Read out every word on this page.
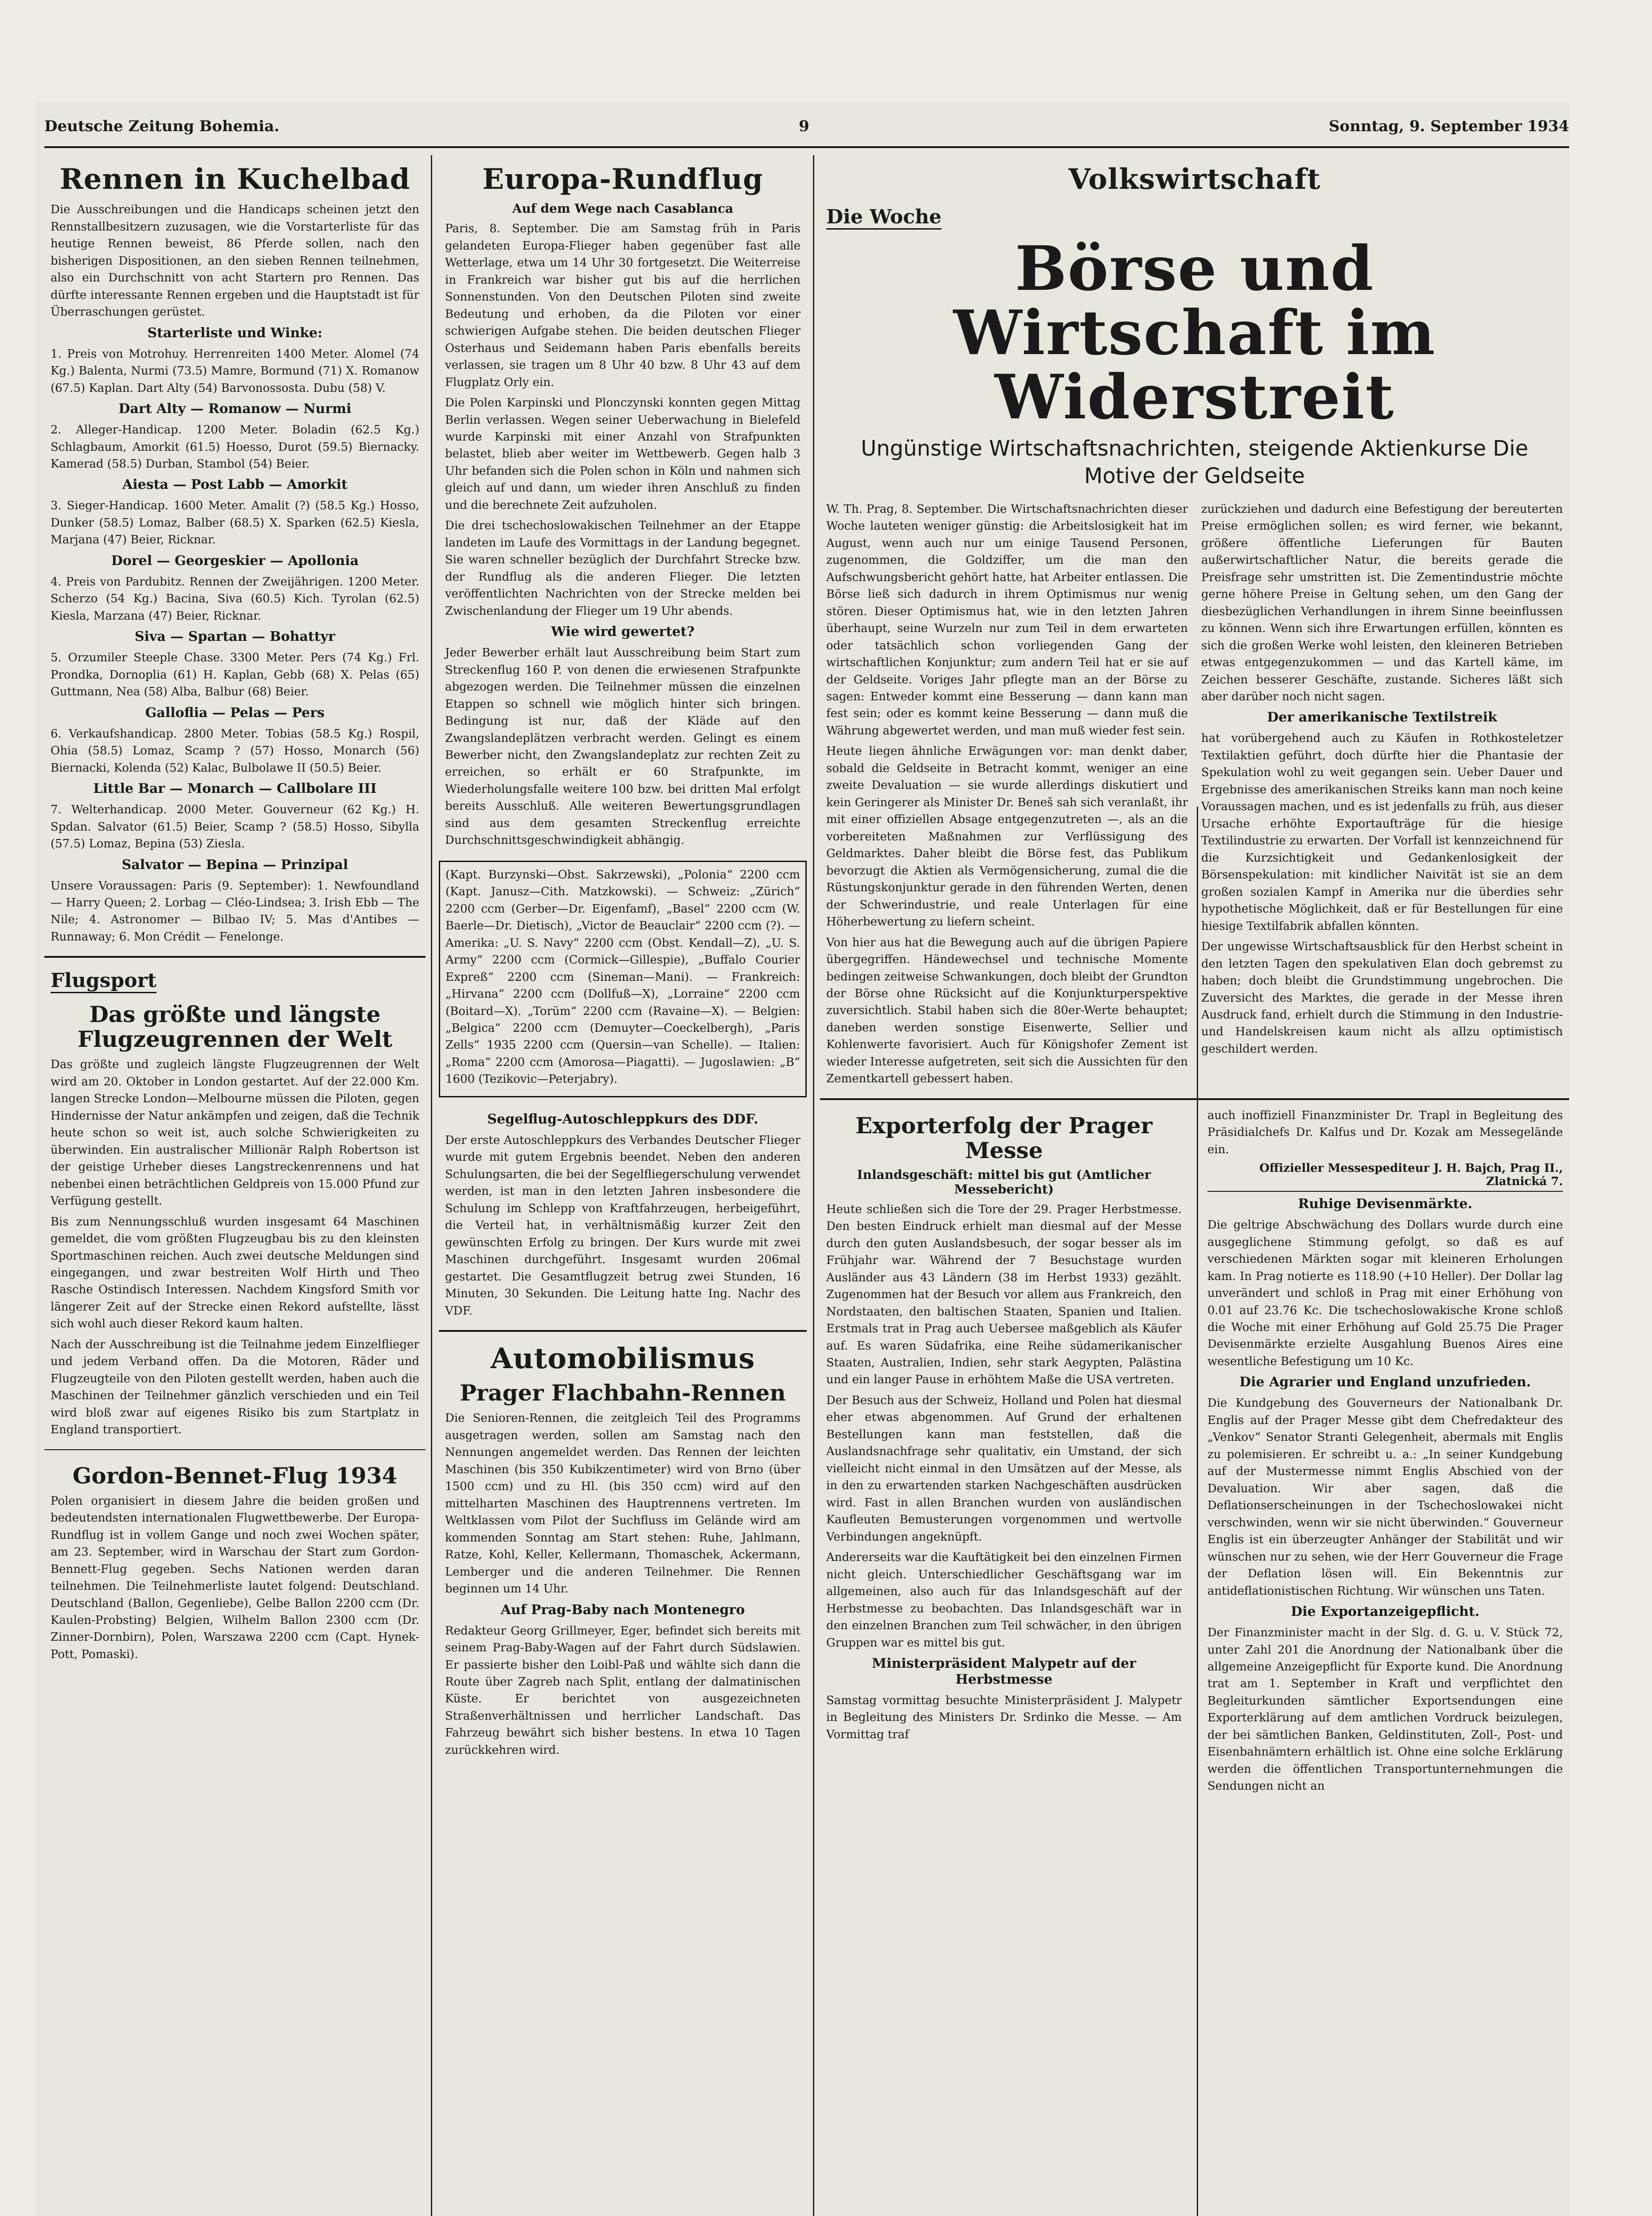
Deutsche Zeitung Bohemia.	9	Sonntag, 9. September 1934
Rennen in Kuchelbad

Die Ausschreibungen und die Handicaps scheinen jetzt den Rennstallbesitzern zuzusagen, wie die Vorstarterliste für das heutige Rennen beweist, 86 Pferde sollen, nach den bisherigen Dispositionen, an den sieben Rennen teilnehmen, also ein Durchschnitt von acht Startern pro Rennen. Das dürfte interessante Rennen ergeben und die Hauptstadt ist für Überraschungen gerüstet.

Starterliste und Winke:

1. Preis von Motrohuy. Herrenreiten 1400 Meter. Alomel (74 Kg.) Balenta, Nurmi (73.5) Mamre, Bormund (71) X. Romanow (67.5) Kaplan. Dart Alty (54) Barvonossosta. Dubu (58) V.

Dart Alty — Romanow — Nurmi

2. Alleger-Handicap. 1200 Meter. Boladin (62.5 Kg.) Schlagbaum, Amorkit (61.5) Hoesso, Durot (59.5) Biernacky. Kamerad (58.5) Durban, Stambol (54) Beier.

Aiesta — Post Labb — Amorkit

3. Sieger-Handicap. 1600 Meter. Amalit (?) (58.5 Kg.) Hosso, Dunker (58.5) Lomaz, Balber (68.5) X. Sparken (62.5) Kiesla, Marjana (47) Beier, Ricknar.

Dorel — Georgeskier — Apollonia

4. Preis von Pardubitz. Rennen der Zweijährigen. 1200 Meter. Scherzo (54 Kg.) Bacina, Siva (60.5) Kich. Tyrolan (62.5) Kiesla, Marzana (47) Beier, Ricknar.

Siva — Spartan — Bohattyr

5. Orzumiler Steeple Chase. 3300 Meter. Pers (74 Kg.) Frl. Prondka, Dornoplia (61) H. Kaplan, Gebb (68) X. Pelas (65) Guttmann, Nea (58) Alba, Balbur (68) Beier.

Galloflia — Pelas — Pers

6. Verkaufshandicap. 2800 Meter. Tobias (58.5 Kg.) Rospil, Ohia (58.5) Lomaz, Scamp ? (57) Hosso, Monarch (56) Biernacki, Kolenda (52) Kalac, Bulbolawe II (50.5) Beier.

Little Bar — Monarch — Callbolare III

7. Welterhandicap. 2000 Meter. Gouverneur (62 Kg.) H. Spdan. Salvator (61.5) Beier, Scamp ? (58.5) Hosso, Sibylla (57.5) Lomaz, Bepina (53) Ziesla.

Salvator — Bepina — Prinzipal

Unsere Voraussagen: Paris (9. September): 1. Newfoundland — Harry Queen; 2. Lorbag — Cléo-Lindsea; 3. Irish Ebb — The Nile; 4. Astronomer — Bilbao IV; 5. Mas d'Antibes — Runnaway; 6. Mon Crédit — Fenelonge.

Flugsport
Das größte und längste Flugzeugrennen der Welt

Das größte und zugleich längste Flugzeugrennen der Welt wird am 20. Oktober in London gestartet. Auf der 22.000 Km. langen Strecke London—Melbourne müssen die Piloten, gegen Hindernisse der Natur ankämpfen und zeigen, daß die Technik heute schon so weit ist, auch solche Schwierigkeiten zu überwinden. Ein australischer Millionär Ralph Robertson ist der geistige Urheber dieses Langstreckenrennens und hat nebenbei einen beträchtlichen Geldpreis von 15.000 Pfund zur Verfügung gestellt.

Bis zum Nennungsschluß wurden insgesamt 64 Maschinen gemeldet, die vom größten Flugzeugbau bis zu den kleinsten Sportmaschinen reichen. Auch zwei deutsche Meldungen sind eingegangen, und zwar bestreiten Wolf Hirth und Theo Rasche Ostindisch Interessen. Nachdem Kingsford Smith vor längerer Zeit auf der Strecke einen Rekord aufstellte, lässt sich wohl auch dieser Rekord kaum halten.

Nach der Ausschreibung ist die Teilnahme jedem Einzelflieger und jedem Verband offen. Da die Motoren, Räder und Flugzeugteile von den Piloten gestellt werden, haben auch die Maschinen der Teilnehmer gänzlich verschieden und ein Teil wird bloß zwar auf eigenes Risiko bis zum Startplatz in England transportiert.

Gordon-Bennet-Flug 1934

Polen organisiert in diesem Jahre die beiden großen und bedeutendsten internationalen Flugwettbewerbe. Der Europa-Rundflug ist in vollem Gange und noch zwei Wochen später, am 23. September, wird in Warschau der Start zum Gordon-Bennett-Flug gegeben. Sechs Nationen werden daran teilnehmen. Die Teilnehmerliste lautet folgend: Deutschland. Deutschland (Ballon, Gegenliebe), Gelbe Ballon 2200 ccm (Dr. Kaulen-Probsting) Belgien, Wilhelm Ballon 2300 ccm (Dr. Zinner-Dornbirn), Polen, Warszawa 2200 ccm (Capt. Hynek-Pott, Pomaski).

Europa-Rundflug
Auf dem Wege nach Casablanca

Paris, 8. September. Die am Samstag früh in Paris gelandeten Europa-Flieger haben gegenüber fast alle Wetterlage, etwa um 14 Uhr 30 fortgesetzt. Die Weiterreise in Frankreich war bisher gut bis auf die herrlichen Sonnenstunden. Von den Deutschen Piloten sind zweite Bedeutung und erhoben, da die Piloten vor einer schwierigen Aufgabe stehen. Die beiden deutschen Flieger Osterhaus und Seidemann haben Paris ebenfalls bereits verlassen, sie tragen um 8 Uhr 40 bzw. 8 Uhr 43 auf dem Flugplatz Orly ein.

Die Polen Karpinski und Plonczynski konnten gegen Mittag Berlin verlassen. Wegen seiner Ueberwachung in Bielefeld wurde Karpinski mit einer Anzahl von Strafpunkten belastet, blieb aber weiter im Wettbewerb. Gegen halb 3 Uhr befanden sich die Polen schon in Köln und nahmen sich gleich auf und dann, um wieder ihren Anschluß zu finden und die berechnete Zeit aufzuholen.

Die drei tschechoslowakischen Teilnehmer an der Etappe landeten im Laufe des Vormittags in der Landung begegnet. Sie waren schneller bezüglich der Durchfahrt Strecke bzw. der Rundflug als die anderen Flieger. Die letzten veröffentlichten Nachrichten von der Strecke melden bei Zwischenlandung der Flieger um 19 Uhr abends.

Wie wird gewertet?

Jeder Bewerber erhält laut Ausschreibung beim Start zum Streckenflug 160 P. von denen die erwiesenen Strafpunkte abgezogen werden. Die Teilnehmer müssen die einzelnen Etappen so schnell wie möglich hinter sich bringen. Bedingung ist nur, daß der Kläde auf den Zwangslandeplätzen verbracht werden. Gelingt es einem Bewerber nicht, den Zwangslandeplatz zur rechten Zeit zu erreichen, so erhält er 60 Strafpunkte, im Wiederholungsfalle weitere 100 bzw. bei dritten Mal erfolgt bereits Ausschluß. Alle weiteren Bewertungsgrundlagen sind aus dem gesamten Streckenflug erreichte Durchschnittsgeschwindigkeit abhängig.

(Kapt. Burzynski—Obst. Sakrzewski), „Polonia“ 2200 ccm (Kapt. Janusz—Cith. Matzkowski). — Schweiz: „Zürich“ 2200 ccm (Gerber—Dr. Eigenfamf), „Basel“ 2200 ccm (W. Baerle—Dr. Dietisch), „Victor de Beauclair“ 2200 ccm (?). — Amerika: „U. S. Navy“ 2200 ccm (Obst. Kendall—Z), „U. S. Army“ 2200 ccm (Cormick—Gillespie), „Buffalo Courier Expreß“ 2200 ccm (Sineman—Mani). — Frankreich: „Hirvana“ 2200 ccm (Dollfuß—X), „Lorraine“ 2200 ccm (Boitard—X). „Torüm“ 2200 ccm (Ravaine—X). — Belgien: „Belgica“ 2200 ccm (Demuyter—Coeckelbergh), „Paris Zells“ 1935 2200 ccm (Quersin—van Schelle). — Italien: „Roma“ 2200 ccm (Amorosa—Piagatti). — Jugoslawien: „B“ 1600 (Tezikovic—Peterjabry).

Segelflug-Autoschleppkurs des DDF.

Der erste Autoschleppkurs des Verbandes Deutscher Flieger wurde mit gutem Ergebnis beendet. Neben den anderen Schulungsarten, die bei der Segelfliegerschulung verwendet werden, ist man in den letzten Jahren insbesondere die Schulung im Schlepp von Kraftfahrzeugen, herbeigeführt, die Verteil hat, in verhältnismäßig kurzer Zeit den gewünschten Erfolg zu bringen. Der Kurs wurde mit zwei Maschinen durchgeführt. Insgesamt wurden 206mal gestartet. Die Gesamtflugzeit betrug zwei Stunden, 16 Minuten, 30 Sekunden. Die Leitung hatte Ing. Nachr des VDF.

Automobilismus
Prager Flachbahn-Rennen

Die Senioren-Rennen, die zeitgleich Teil des Programms ausgetragen werden, sollen am Samstag nach den Nennungen angemeldet werden. Das Rennen der leichten Maschinen (bis 350 Kubikzentimeter) wird von Brno (über 1500 ccm) und zu Hl. (bis 350 ccm) wird auf den mittelharten Maschinen des Hauptrennens vertreten. Im Weltklassen vom Pilot der Suchfluss im Gelände wird am kommenden Sonntag am Start stehen: Ruhe, Jahlmann, Ratze, Kohl, Keller, Kellermann, Thomaschek, Ackermann, Lemberger und die anderen Teilnehmer. Die Rennen beginnen um 14 Uhr.

Auf Prag-Baby nach Montenegro

Redakteur Georg Grillmeyer, Eger, befindet sich bereits mit seinem Prag-Baby-Wagen auf der Fahrt durch Südslawien. Er passierte bisher den Loibl-Paß und wählte sich dann die Route über Zagreb nach Split, entlang der dalmatinischen Küste. Er berichtet von ausgezeichneten Straßenverhältnissen und herrlicher Landschaft. Das Fahrzeug bewährt sich bisher bestens. In etwa 10 Tagen zurückkehren wird.

Volkswirtschaft
Die Woche
Börse und Wirtschaft im Widerstreit
Ungünstige Wirtschaftsnachrichten, steigende Aktienkurse Die Motive der Geldseite

W. Th. Prag, 8. September. Die Wirtschaftsnachrichten dieser Woche lauteten weniger günstig: die Arbeitslosigkeit hat im August, wenn auch nur um einige Tausend Personen, zugenommen, die Goldziffer, um die man den Aufschwungsbericht gehört hatte, hat Arbeiter entlassen. Die Börse ließ sich dadurch in ihrem Optimismus nur wenig stören. Dieser Optimismus hat, wie in den letzten Jahren überhaupt, seine Wurzeln nur zum Teil in dem erwarteten oder tatsächlich schon vorliegenden Gang der wirtschaftlichen Konjunktur; zum andern Teil hat er sie auf der Geldseite. Voriges Jahr pflegte man an der Börse zu sagen: Entweder kommt eine Besserung — dann kann man fest sein; oder es kommt keine Besserung — dann muß die Währung abgewertet werden, und man muß wieder fest sein.

Heute liegen ähnliche Erwägungen vor: man denkt daber, sobald die Geldseite in Betracht kommt, weniger an eine zweite Devaluation — sie wurde allerdings diskutiert und kein Geringerer als Minister Dr. Beneš sah sich veranlaßt, ihr mit einer offiziellen Absage entgegenzutreten —, als an die vorbereiteten Maßnahmen zur Verflüssigung des Geldmarktes. Daher bleibt die Börse fest, das Publikum bevorzugt die Aktien als Vermögensicherung, zumal die die Rüstungskonjunktur gerade in den führenden Werten, denen der Schwerindustrie, und reale Unterlagen für eine Höherbewertung zu liefern scheint.

Von hier aus hat die Bewegung auch auf die übrigen Papiere übergegriffen. Händewechsel und technische Momente bedingen zeitweise Schwankungen, doch bleibt der Grundton der Börse ohne Rücksicht auf die Konjunkturperspektive zuversichtlich. Stabil haben sich die 80er-Werte behauptet; daneben werden sonstige Eisenwerte, Sellier und Kohlenwerte favorisiert. Auch für Königshofer Zement ist wieder Interesse aufgetreten, seit sich die Aussichten für den Zementkartell gebessert haben.

zurückziehen und dadurch eine Befestigung der bereuterten Preise ermöglichen sollen; es wird ferner, wie bekannt, größere öffentliche Lieferungen für Bauten außerwirtschaftlicher Natur, die bereits gerade die Preisfrage sehr umstritten ist. Die Zementindustrie möchte gerne höhere Preise in Geltung sehen, um den Gang der diesbezüglichen Verhandlungen in ihrem Sinne beeinflussen zu können. Wenn sich ihre Erwartungen erfüllen, könnten es sich die großen Werke wohl leisten, den kleineren Betrieben etwas entgegenzukommen — und das Kartell käme, im Zeichen besserer Geschäfte, zustande. Sicheres läßt sich aber darüber noch nicht sagen.

Der amerikanische Textilstreik

hat vorübergehend auch zu Käufen in Rothkosteletzer Textilaktien geführt, doch dürfte hier die Phantasie der Spekulation wohl zu weit gegangen sein. Ueber Dauer und Ergebnisse des amerikanischen Streiks kann man noch keine Voraussagen machen, und es ist jedenfalls zu früh, aus dieser Ursache erhöhte Exportaufträge für die hiesige Textilindustrie zu erwarten. Der Vorfall ist kennzeichnend für die Kurzsichtigkeit und Gedankenlosigkeit der Börsenspekulation: mit kindlicher Naivität ist sie an dem großen sozialen Kampf in Amerika nur die überdies sehr hypothetische Möglichkeit, daß er für Bestellungen für eine hiesige Textilfabrik abfallen könnten.

Der ungewisse Wirtschaftsausblick für den Herbst scheint in den letzten Tagen den spekulativen Elan doch gebremst zu haben; doch bleibt die Grundstimmung ungebrochen. Die Zuversicht des Marktes, die gerade in der Messe ihren Ausdruck fand, erhielt durch die Stimmung in den Industrie- und Handelskreisen kaum nicht als allzu optimistisch geschildert werden.

Exporterfolg der Prager Messe
Inlandsgeschäft: mittel bis gut (Amtlicher Messebericht)

Heute schließen sich die Tore der 29. Prager Herbstmesse. Den besten Eindruck erhielt man diesmal auf der Messe durch den guten Auslandsbesuch, der sogar besser als im Frühjahr war. Während der 7 Besuchstage wurden Ausländer aus 43 Ländern (38 im Herbst 1933) gezählt. Zugenommen hat der Besuch vor allem aus Frankreich, den Nordstaaten, den baltischen Staaten, Spanien und Italien. Erstmals trat in Prag auch Uebersee maßgeblich als Käufer auf. Es waren Südafrika, eine Reihe südamerikanischer Staaten, Australien, Indien, sehr stark Aegypten, Palästina und ein langer Pause in erhöhtem Maße die USA vertreten.

Der Besuch aus der Schweiz, Holland und Polen hat diesmal eher etwas abgenommen. Auf Grund der erhaltenen Bestellungen kann man feststellen, daß die Auslandsnachfrage sehr qualitativ, ein Umstand, der sich vielleicht nicht einmal in den Umsätzen auf der Messe, als in den zu erwartenden starken Nachgeschäften ausdrücken wird. Fast in allen Branchen wurden von ausländischen Kaufleuten Bemusterungen vorgenommen und wertvolle Verbindungen angeknüpft.

Andererseits war die Kauftätigkeit bei den einzelnen Firmen nicht gleich. Unterschiedlicher Geschäftsgang war im allgemeinen, also auch für das Inlandsgeschäft auf der Herbstmesse zu beobachten. Das Inlandsgeschäft war in den einzelnen Branchen zum Teil schwächer, in den übrigen Gruppen war es mittel bis gut.

Ministerpräsident Malypetr auf der Herbstmesse

Samstag vormittag besuchte Ministerpräsident J. Malypetr in Begleitung des Ministers Dr. Srdinko die Messe. — Am Vormittag traf

auch inoffiziell Finanzminister Dr. Trapl in Begleitung des Präsidialchefs Dr. Kalfus und Dr. Kozak am Messegelände ein.

Offizieller Messespediteur J. H. Bajch, Prag II., Zlatnická 7.
Ruhige Devisenmärkte.

Die geltrige Abschwächung des Dollars wurde durch eine ausgeglichene Stimmung gefolgt, so daß es auf verschiedenen Märkten sogar mit kleineren Erholungen kam. In Prag notierte es 118.90 (+10 Heller). Der Dollar lag unverändert und schloß in Prag mit einer Erhöhung von 0.01 auf 23.76 Kc. Die tschechoslowakische Krone schloß die Woche mit einer Erhöhung auf Gold 25.75 Die Prager Devisenmärkte erzielte Ausgahlung Buenos Aires eine wesentliche Befestigung um 10 Kc.

Die Agrarier und England unzufrieden.

Die Kundgebung des Gouverneurs der Nationalbank Dr. Englis auf der Prager Messe gibt dem Chefredakteur des „Venkov“ Senator Stranti Gelegenheit, abermals mit Englis zu polemisieren. Er schreibt u. a.: „In seiner Kundgebung auf der Mustermesse nimmt Englis Abschied von der Devaluation. Wir aber sagen, daß die Deflationserscheinungen in der Tschechoslowakei nicht verschwinden, wenn wir sie nicht überwinden.“ Gouverneur Englis ist ein überzeugter Anhänger der Stabilität und wir wünschen nur zu sehen, wie der Herr Gouverneur die Frage der Deflation lösen will. Ein Bekenntnis zur antideflationistischen Richtung. Wir wünschen uns Taten.

Die Exportanzeigepflicht.

Der Finanzminister macht in der Slg. d. G. u. V. Stück 72, unter Zahl 201 die Anordnung der Nationalbank über die allgemeine Anzeigepflicht für Exporte kund. Die Anordnung trat am 1. September in Kraft und verpflichtet den Begleiturkunden sämtlicher Exportsendungen eine Exporterklärung auf dem amtlichen Vordruck beizulegen, der bei sämtlichen Banken, Geldinstituten, Zoll-, Post- und Eisenbahnämtern erhältlich ist. Ohne eine solche Erklärung werden die öffentlichen Transportunternehmungen die Sendungen nicht an
